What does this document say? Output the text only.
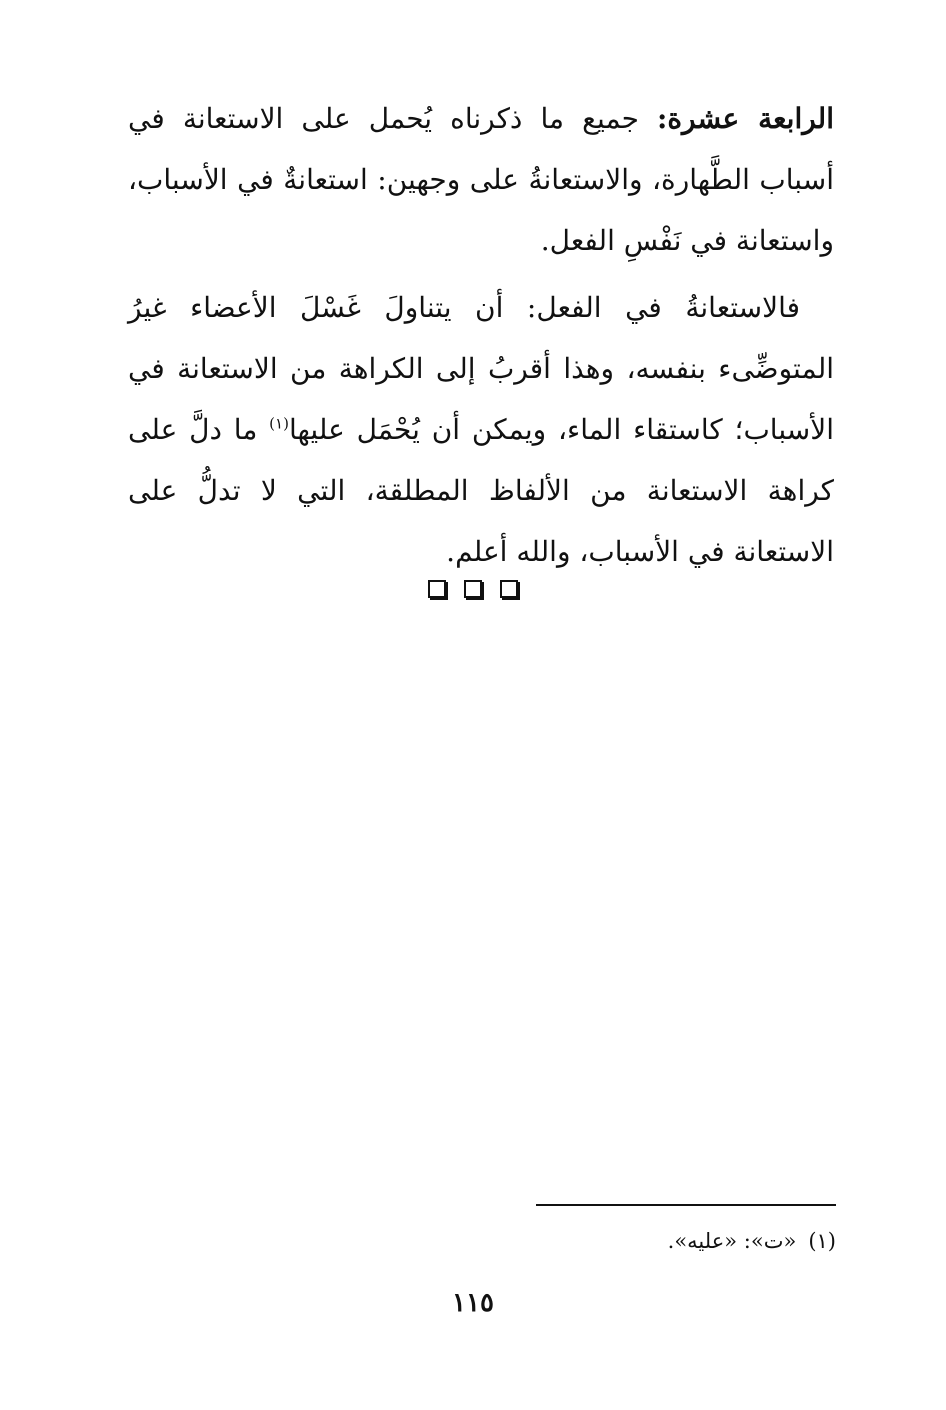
الرابعة عشرة: جميع ما ذكرناه يُحمل على الاستعانة في أسباب الطَّهارة، والاستعانةُ على وجهين: استعانةٌ في الأسباب، واستعانة في نَفْسِ الفعل.

فالاستعانةُ في الفعل: أن يتناولَ غَسْلَ الأعضاء غيرُ المتوضِّىء بنفسه، وهذا أقربُ إلى الكراهة من الاستعانة في الأسباب؛ كاستقاء الماء، ويمكن أن يُحْمَل عليها$^{(١)}$ ما دلَّ على كراهة الاستعانة من الألفاظ المطلقة، التي لا تدلُّ على الاستعانة في الأسباب، والله أعلم.

(١)«ت»: «عليه».
١١٥
